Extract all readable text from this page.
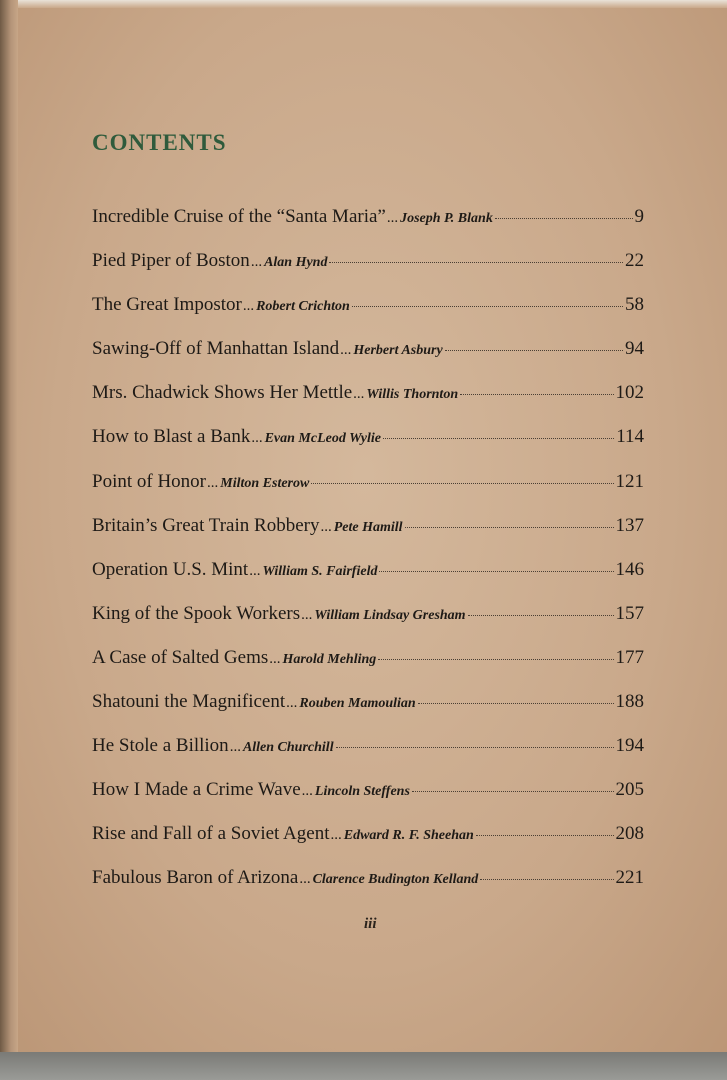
CONTENTS
Incredible Cruise of the “Santa Maria” ... Joseph P. Blank	9
Pied Piper of Boston ... Alan Hynd	22
The Great Impostor ... Robert Crichton	58
Sawing-Off of Manhattan Island ... Herbert Asbury	94
Mrs. Chadwick Shows Her Mettle ... Willis Thornton	102
How to Blast a Bank ... Evan McLeod Wylie	114
Point of Honor ... Milton Esterow	121
Britain’s Great Train Robbery ... Pete Hamill	137
Operation U.S. Mint ... William S. Fairfield	146
King of the Spook Workers ... William Lindsay Gresham	157
A Case of Salted Gems ... Harold Mehling	177
Shatouni the Magnificent ... Rouben Mamoulian	188
He Stole a Billion ... Allen Churchill	194
How I Made a Crime Wave ... Lincoln Steffens	205
Rise and Fall of a Soviet Agent ... Edward R. F. Sheehan	208
Fabulous Baron of Arizona ... Clarence Budington Kelland	221
iii
